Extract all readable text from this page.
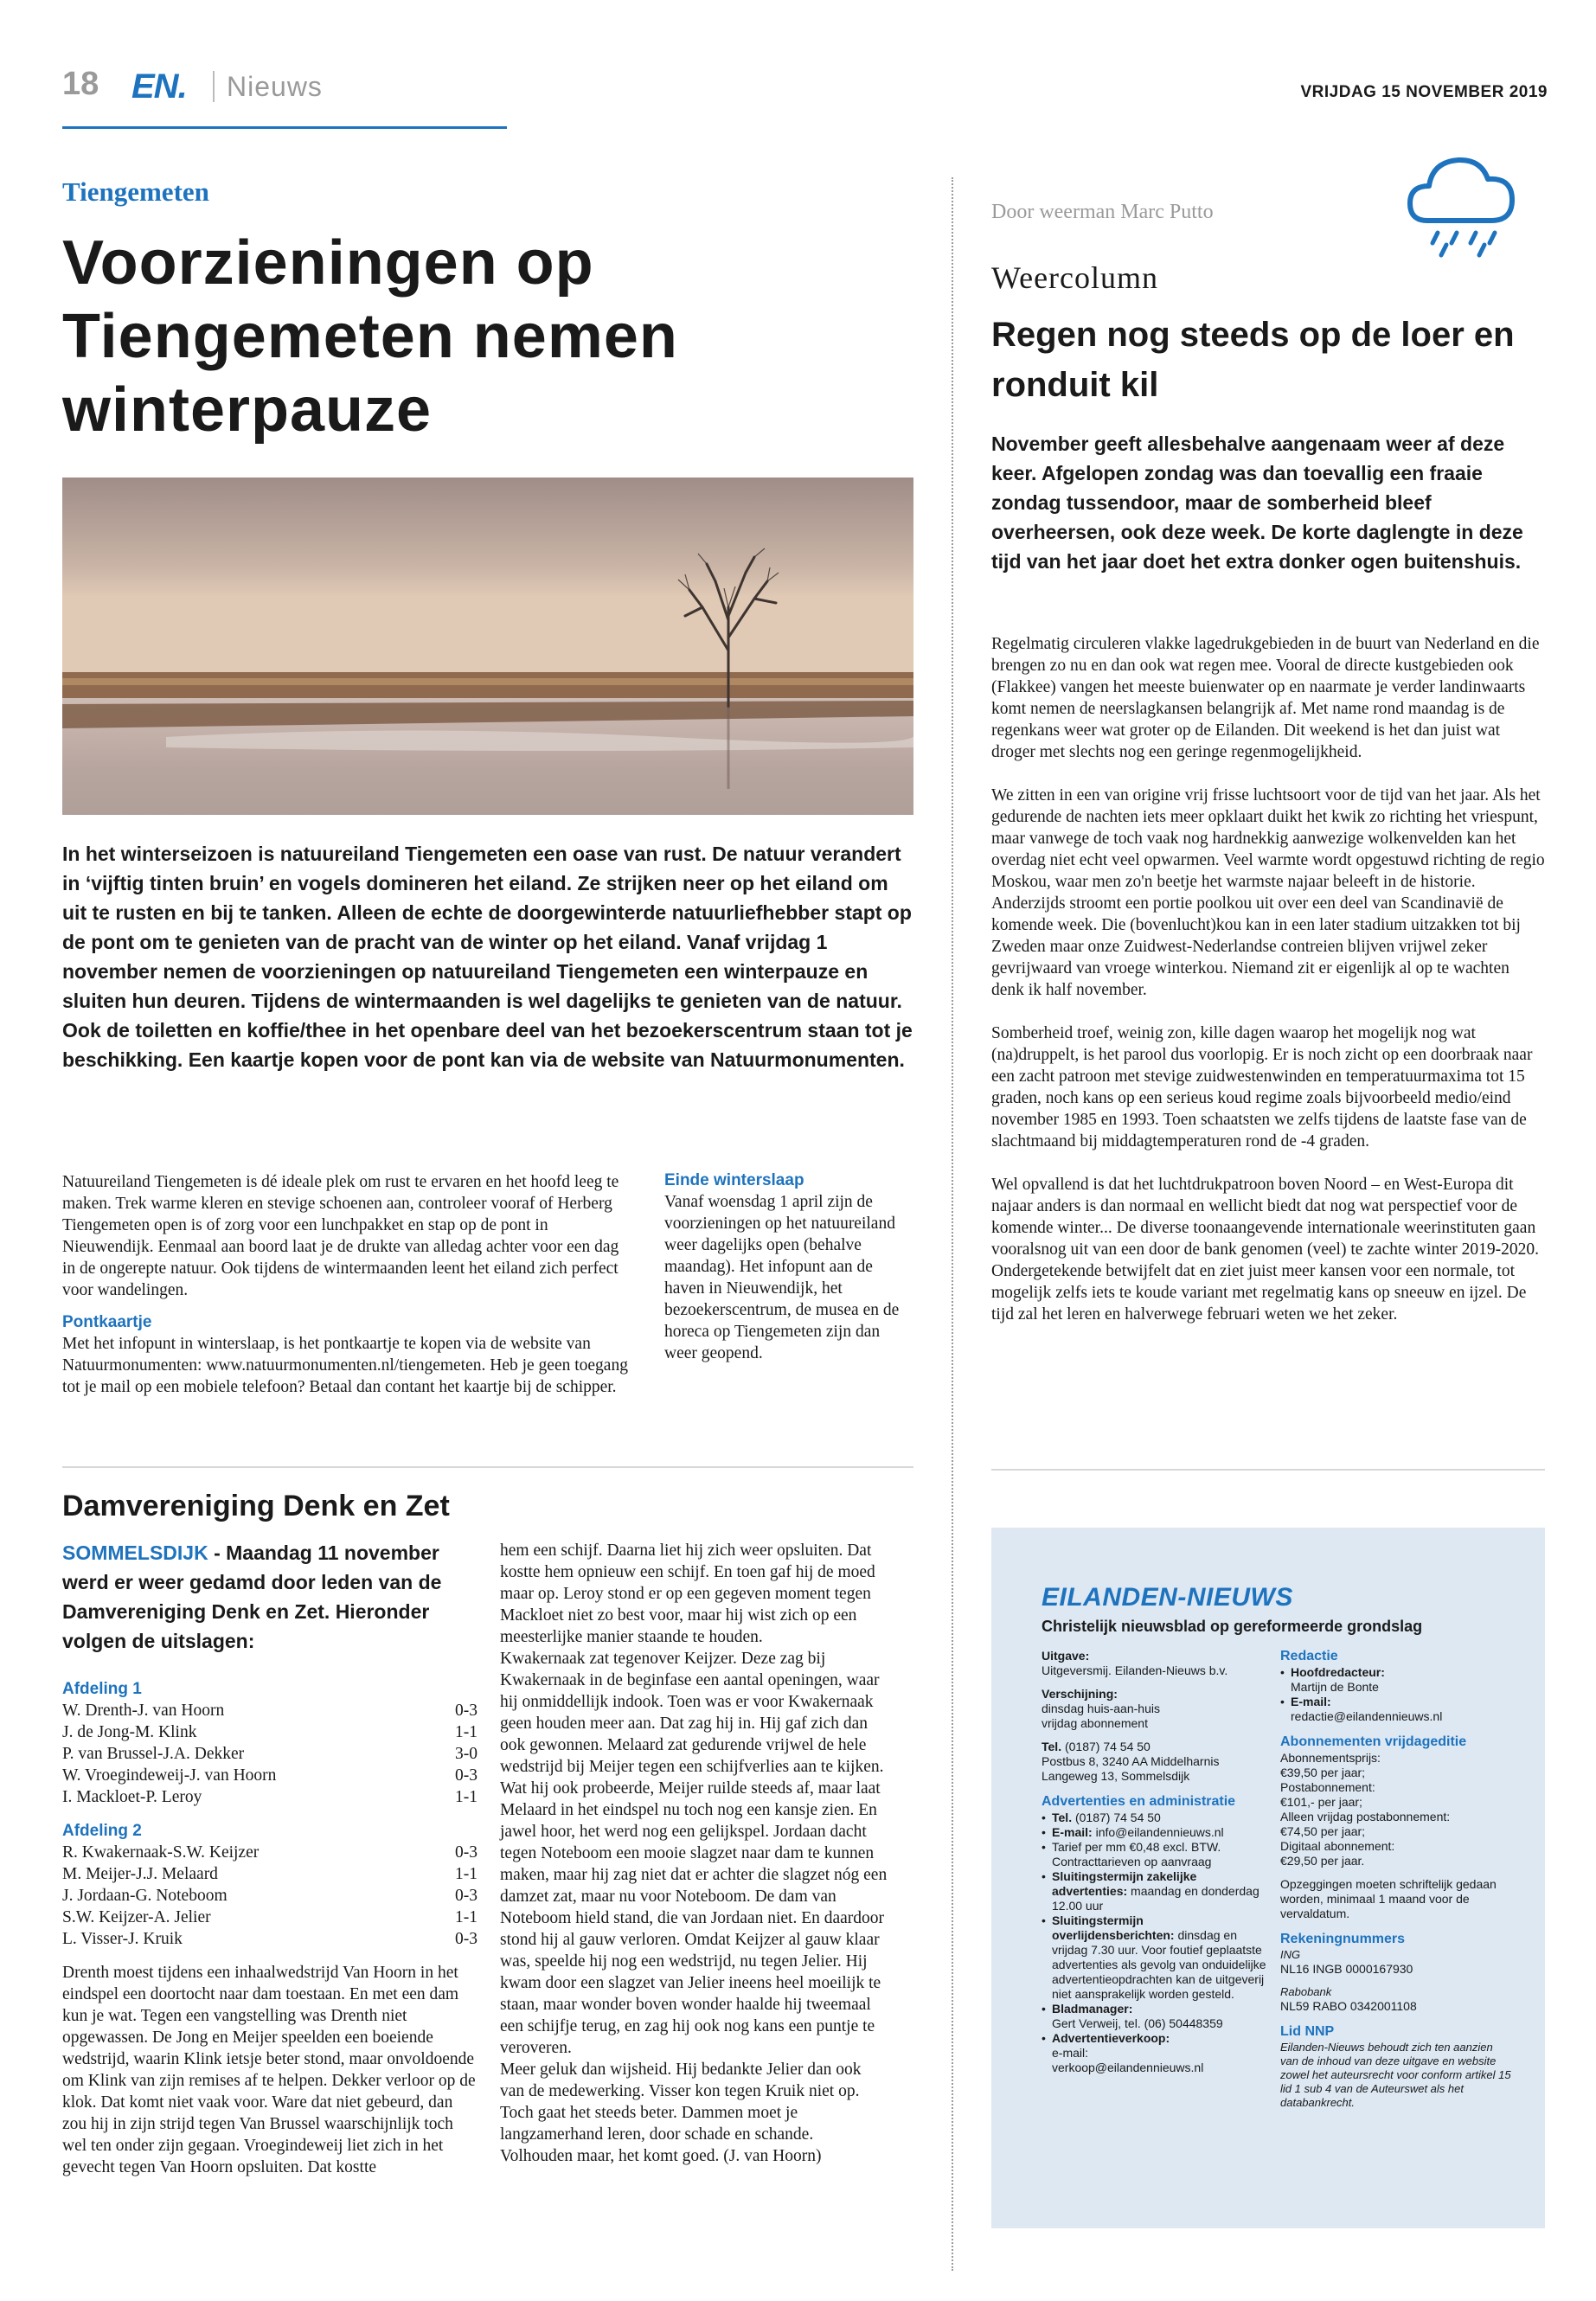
18 EN. Nieuws	VRIJDAG 15 NOVEMBER 2019
Tiengemeten
Voorzieningen op Tiengemeten nemen winterpauze
In het winterseizoen is natuureiland Tiengemeten een oase van rust. De natuur verandert in ‘vijftig tinten bruin’ en vogels domineren het eiland. Ze strijken neer op het eiland om uit te rusten en bij te tanken. Alleen de echte de doorgewinterde natuurliefhebber stapt op de pont om te genieten van de pracht van de winter op het eiland. Vanaf vrijdag 1 november nemen de voorzieningen op natuureiland Tiengemeten een winterpauze en sluiten hun deuren. Tijdens de wintermaanden is wel dagelijks te genieten van de natuur. Ook de toiletten en koffie/thee in het openbare deel van het bezoekerscentrum staan tot je beschikking. Een kaartje kopen voor de pont kan via de website van Natuurmonumenten.

Natuureiland Tiengemeten is dé ideale plek om rust te ervaren en het hoofd leeg te maken. Trek warme kleren en stevige schoenen aan, controleer vooraf of Herberg Tiengemeten open is of zorg voor een lunchpakket en stap op de pont in Nieuwendijk. Eenmaal aan boord laat je de drukte van alledag achter voor een dag in de ongerepte natuur. Ook tijdens de wintermaanden leent het eiland zich perfect voor wandelingen.

Pontkaartje

Met het infopunt in winterslaap, is het pontkaartje te kopen via de website van Natuurmonumenten: www.natuurmonumenten.nl/tiengemeten. Heb je geen toegang tot je mail op een mobiele telefoon? Betaal dan contant het kaartje bij de schipper.

Einde winterslaap

Vanaf woensdag 1 april zijn de voorzieningen op het natuureiland weer dagelijks open (behalve maandag). Het infopunt aan de haven in Nieuwendijk, het bezoekerscentrum, de musea en de horeca op Tiengemeten zijn dan weer geopend.

Door weerman Marc Putto
Weercolumn
Regen nog steeds op de loer en ronduit kil
November geeft allesbehalve aangenaam weer af deze keer. Afgelopen zondag was dan toevallig een fraaie zondag tussendoor, maar de somberheid bleef overheersen, ook deze week. De korte daglengte in deze tijd van het jaar doet het extra donker ogen buitenshuis.

Regelmatig circuleren vlakke lagedrukgebieden in de buurt van Nederland en die brengen zo nu en dan ook wat regen mee. Vooral de directe kustgebieden ook (Flakkee) vangen het meeste buienwater op en naarmate je verder landinwaarts komt nemen de neerslagkansen belangrijk af. Met name rond maandag is de regenkans weer wat groter op de Eilanden. Dit weekend is het dan juist wat droger met slechts nog een geringe regenmogelijkheid.

We zitten in een van origine vrij frisse luchtsoort voor de tijd van het jaar. Als het gedurende de nachten iets meer opklaart duikt het kwik zo richting het vriespunt, maar vanwege de toch vaak nog hardnekkig aanwezige wolkenvelden kan het overdag niet echt veel opwarmen. Veel warmte wordt opgestuwd richting de regio Moskou, waar men zo'n beetje het warmste najaar beleeft in de historie. Anderzijds stroomt een portie poolkou uit over een deel van Scandinavië de komende week. Die (bovenlucht)kou kan in een later stadium uitzakken tot bij Zweden maar onze Zuidwest-Nederlandse contreien blijven vrijwel zeker gevrijwaard van vroege winterkou. Niemand zit er eigenlijk al op te wachten denk ik half november.

Somberheid troef, weinig zon, kille dagen waarop het mogelijk nog wat (na)druppelt, is het parool dus voorlopig. Er is noch zicht op een doorbraak naar een zacht patroon met stevige zuidwestenwinden en temperatuurmaxima tot 15 graden, noch kans op een serieus koud regime zoals bijvoorbeeld medio/eind november 1985 en 1993. Toen schaatsten we zelfs tijdens de laatste fase van de slachtmaand bij middagtemperaturen rond de -4 graden.

Wel opvallend is dat het luchtdrukpatroon boven Noord – en West-Europa dit najaar anders is dan normaal en wellicht biedt dat nog wat perspectief voor de komende winter... De diverse toonaangevende internationale weerinstituten gaan vooralsnog uit van een door de bank genomen (veel) te zachte winter 2019-2020. Ondergetekende betwijfelt dat en ziet juist meer kansen voor een normale, tot mogelijk zelfs iets te koude variant met regelmatig kans op sneeuw en ijzel. De tijd zal het leren en halverwege februari weten we het zeker.

Damvereniging Denk en Zet
SOMMELSDIJK - Maandag 11 november werd er weer gedamd door leden van de Damvereniging Denk en Zet. Hieronder volgen de uitslagen:
Afdeling 1
W. Drenth-J. van Hoorn	0-3
J. de Jong-M. Klink	1-1
P. van Brussel-J.A. Dekker	3-0
W. Vroegindeweij-J. van Hoorn	0-3
I. Mackloet-P. Leroy	1-1
Afdeling 2
R. Kwakernaak-S.W. Keijzer	0-3
M. Meijer-J.J. Melaard	1-1
J. Jordaan-G. Noteboom	0-3
S.W. Keijzer-A. Jelier	1-1
L. Visser-J. Kruik	0-3

Drenth moest tijdens een inhaalwedstrijd Van Hoorn in het eindspel een doortocht naar dam toestaan. En met een dam kun je wat. Tegen een vangstelling was Drenth niet opgewassen. De Jong en Meijer speelden een boeiende wedstrijd, waarin Klink ietsje beter stond, maar onvoldoende om Klink van zijn remises af te helpen. Dekker verloor op de klok. Dat komt niet vaak voor. Ware dat niet gebeurd, dan zou hij in zijn strijd tegen Van Brussel waarschijnlijk toch wel ten onder zijn gegaan. Vroegindeweij liet zich in het gevecht tegen Van Hoorn opsluiten. Dat kostte

hem een schijf. Daarna liet hij zich weer opsluiten. Dat kostte hem opnieuw een schijf. En toen gaf hij de moed maar op. Leroy stond er op een gegeven moment tegen Mackloet niet zo best voor, maar hij wist zich op een meesterlijke manier staande te houden.

Kwakernaak zat tegenover Keijzer. Deze zag bij Kwakernaak in de beginfase een aantal openingen, waar hij onmiddellijk indook. Toen was er voor Kwakernaak geen houden meer aan. Dat zag hij in. Hij gaf zich dan ook gewonnen. Melaard zat gedurende vrijwel de hele wedstrijd bij Meijer tegen een schijfverlies aan te kijken.

Wat hij ook probeerde, Meijer ruilde steeds af, maar laat Melaard in het eindspel nu toch nog een kansje zien. En jawel hoor, het werd nog een gelijkspel. Jordaan dacht tegen Noteboom een mooie slagzet naar dam te kunnen maken, maar hij zag niet dat er achter die slagzet nóg een damzet zat, maar nu voor Noteboom. De dam van Noteboom hield stand, die van Jordaan niet. En daardoor stond hij al gauw verloren. Omdat Keijzer al gauw klaar was, speelde hij nog een wedstrijd, nu tegen Jelier. Hij kwam door een slagzet van Jelier ineens heel moeilijk te staan, maar wonder boven wonder haalde hij tweemaal een schijfje terug, en zag hij ook nog kans een puntje te veroveren.

Meer geluk dan wijsheid. Hij bedankte Jelier dan ook van de medewerking. Visser kon tegen Kruik niet op. Toch gaat het steeds beter. Dammen moet je langzamerhand leren, door schade en schande. Volhouden maar, het komt goed. (J. van Hoorn)

EILANDEN-NIEUWS
Christelijk nieuwsblad op gereformeerde grondslag
Uitgave:
Uitgeversmij. Eilanden-Nieuws b.v.
Verschijning:
dinsdag huis-aan-huis
vrijdag abonnement
Tel. (0187) 74 54 50
Postbus 8, 3240 AA Middelharnis
Langeweg 13, Sommelsdijk
Advertenties en administratie
• Tel. (0187) 74 54 50
• E-mail: info@eilandennieuws.nl
• Tarief per mm €0,48 excl. BTW.
Contracttarieven op aanvraag
• Sluitingstermijn zakelijke advertenties: maandag en donderdag 12.00 uur
• Sluitingstermijn overlijdensberichten: dinsdag en vrijdag 7.30 uur. Voor foutief geplaatste advertenties als gevolg van onduidelijke advertentieopdrachten kan de uitgeverij niet aansprakelijk worden gesteld.
• Bladmanager:
Gert Verweij, tel. (06) 50448359
• Advertentieverkoop:
e-mail:
verkoop@eilandennieuws.nl
Redactie
• Hoofdredacteur:
Martijn de Bonte
• E-mail:
redactie@eilandennieuws.nl
Abonnementen vrijdageditie
Abonnementsprijs:
€39,50 per jaar;
Postabonnement:
€101,- per jaar;
Alleen vrijdag postabonnement:
€74,50 per jaar;
Digitaal abonnement:
€29,50 per jaar.
Opzeggingen moeten schriftelijk gedaan worden, minimaal 1 maand voor de vervaldatum.
Rekeningnummers
ING
NL16 INGB 0000167930
Rabobank
NL59 RABO 0342001108
Lid NNP
Eilanden-Nieuws behoudt zich ten aanzien van de inhoud van deze uitgave en website zowel het auteursrecht voor conform artikel 15 lid 1 sub 4 van de Auteurswet als het databankrecht.
